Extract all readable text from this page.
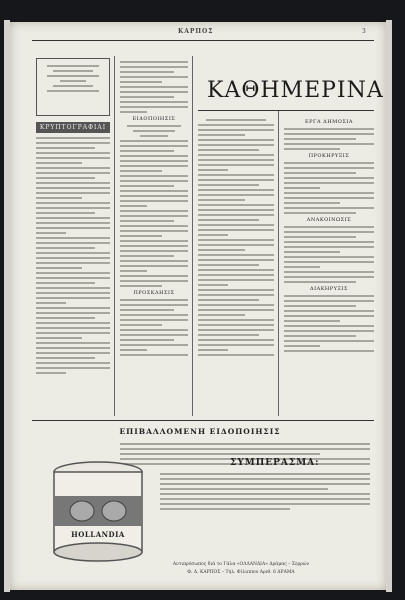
ΚΑΡΠΟΣ	3
ΚΡΥΠΤΟΓΡΑΦΙΑΙ
ΕΙΔΟΠΟΙΗΣΙΣ
ΠΡΟΣΚΛΗΣΙΣ
ΚΑΘΗΜΕΡΙΝΑ
ΕΡΓΑ ΔΗΜΟΣΙΑ
ΠΡΟΚΗΡΥΞΙΣ
ΑΝΑΚΟΙΝΩΣΙΣ
ΔΙΑΚΗΡΥΞΙΣ
ΕΠΙΒΑΛΛΟΜΕΝΗ ΕΙΔΟΠΟΙΗΣΙΣ
ΣΥΜΠΕΡΑΣΜΑ:
HOLLANDIA
Αντιπρόσωπος διά το Γάλα «ΟΛΛΑΝΔΙΑ» Δράμας – Σερρών
Φ. Δ. ΚΑΡΠΟΣ – Τηλ. Φίλιππου Αριθ. 6 ΔΡΑΜΑ
